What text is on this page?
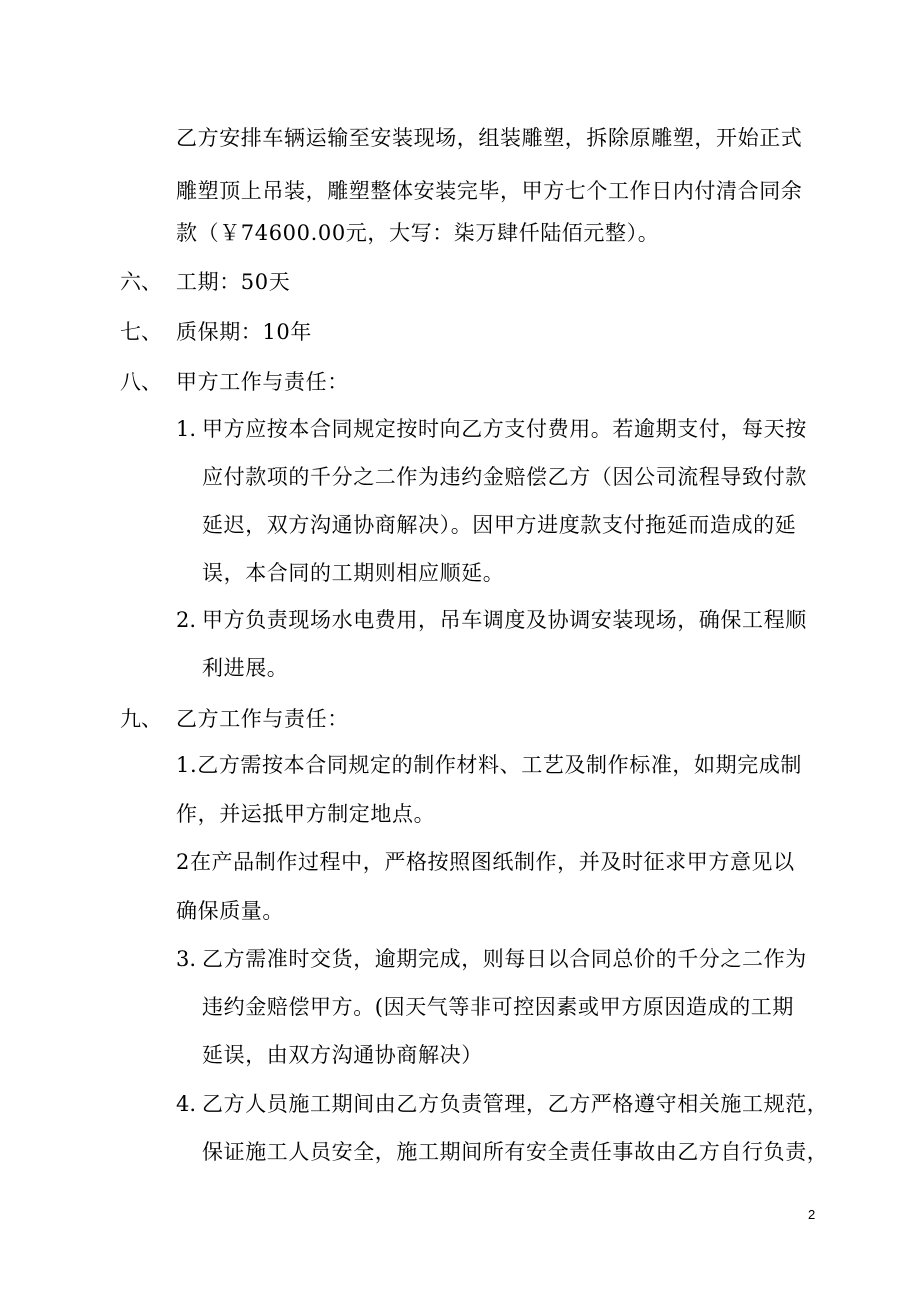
乙方安排车辆运输至安装现场，组装雕塑，拆除原雕塑，开始正式
雕塑顶上吊装，雕塑整体安装完毕，甲方七个工作日内付清合同余
款（￥74600.00元，大写：柒万肆仟陆佰元整）。
六、 工期：50天
七、 质保期：10年
八、 甲方工作与责任：
1. 甲方应按本合同规定按时向乙方支付费用。若逾期支付，每天按
应付款项的千分之二作为违约金赔偿乙方（因公司流程导致付款
延迟，双方沟通协商解决）。因甲方进度款支付拖延而造成的延
误，本合同的工期则相应顺延。
2. 甲方负责现场水电费用，吊车调度及协调安装现场，确保工程顺
利进展。
九、 乙方工作与责任：
1.乙方需按本合同规定的制作材料、工艺及制作标准，如期完成制
作，并运抵甲方制定地点。
2在产品制作过程中，严格按照图纸制作，并及时征求甲方意见以
确保质量。
3. 乙方需准时交货，逾期完成，则每日以合同总价的千分之二作为
违约金赔偿甲方。(因天气等非可控因素或甲方原因造成的工期
延误，由双方沟通协商解决）
4. 乙方人员施工期间由乙方负责管理，乙方严格遵守相关施工规范，
保证施工人员安全，施工期间所有安全责任事故由乙方自行负责，
2
